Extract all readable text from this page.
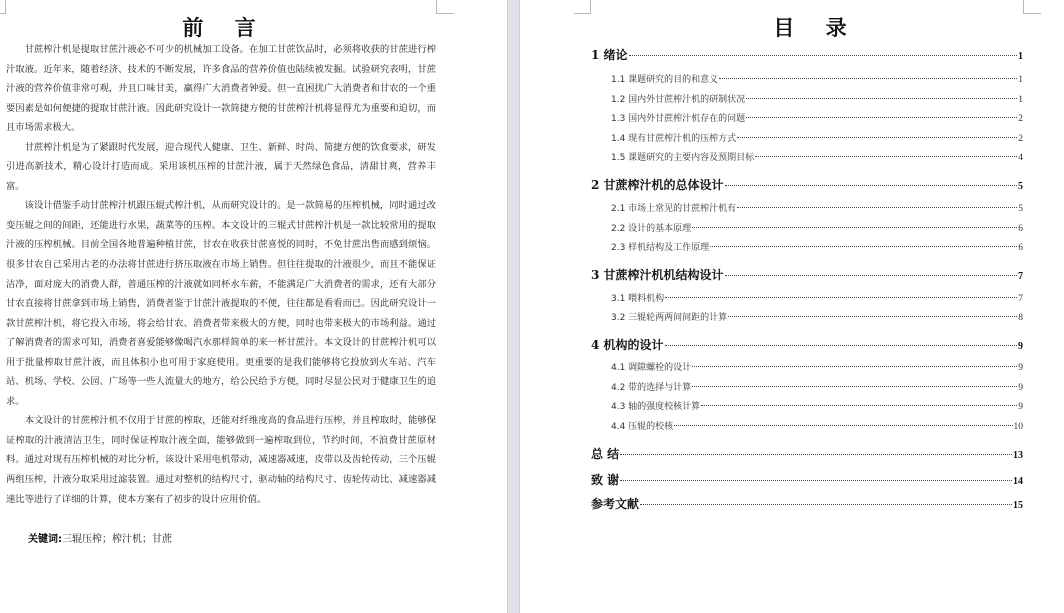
前 言

甘蔗榨汁机是提取甘蔗汁液必不可少的机械加工设备。在加工甘蔗饮品时，必须将收获的甘蔗进行榨汁取液。近年来，随着经济、技术的不断发展，许多食品的营养价值也陆续被发掘。试验研究表明，甘蔗汁液的营养价值非常可观，并且口味甘美，赢得广大消费者钟爱。但一直困扰广大消费者和甘农的一个重要因素是如何便捷的提取甘蔗汁液。因此研究设计一款简捷方便的甘蔗榨汁机将显得尤为重要和迫切，而且市场需求极大。

甘蔗榨汁机是为了紧跟时代发展，迎合现代人健康、卫生、新鲜、时尚、简捷方便的饮食要求，研发引进高新技术，精心设计打造而成。采用该机压榨的甘蔗汁液，属于天然绿色食品，清甜甘爽，营养丰富。

该设计借鉴手动甘蔗榨汁机跟压辊式榨汁机，从而研究设计的。是一款简易的压榨机械，同时通过改变压辊之间的间距，还能进行水果，蔬菜等的压榨。本文设计的三辊式甘蔗榨汁机是一款比较常用的提取汁液的压榨机械。目前全国各地普遍种植甘蔗，甘农在收获甘蔗喜悦的同时，不免甘蔗出售而感到烦恼。很多甘农自己采用古老的办法将甘蔗进行挤压取液在市场上销售。但往往提取的汁液很少，而且不能保证洁净，面对庞大的消费人群，普通压榨的汁液就如同杯水车薪，不能满足广大消费者的需求，还有大部分甘农直接将甘蔗拿到市场上销售，消费者鉴于甘蔗汁液提取的不便，往往都是看看而已。因此研究设计一款甘蔗榨汁机，将它投入市场，将会给甘农、消费者带来极大的方便，同时也带来极大的市场利益。通过了解消费者的需求可知，消费者喜爱能够像喝汽水那样简单的来一杯甘蔗汁。本文设计的甘蔗榨汁机可以用于批量榨取甘蔗汁液，而且体积小也可用于家庭使用。更重要的是我们能够将它投放到火车站、汽车站、机场、学校、公园、广场等一些人流量大的地方，给公民给予方便，同时尽显公民对于健康卫生的追求。

本文设计的甘蔗榨汁机不仅用于甘蔗的榨取，还能对纤维度高的食品进行压榨，并且榨取时，能够保证榨取的汁液清洁卫生，同时保证榨取汁液全面，能够做到一遍榨取到位，节约时间，不浪费甘蔗原材料。通过对现有压榨机械的对比分析，该设计采用电机带动，减速器减速，皮带以及齿轮传动，三个压辊两组压榨，汁液分取采用过滤装置。通过对整机的结构尺寸，驱动轴的结构尺寸、齿轮传动比、减速器减速比等进行了详细的计算，使本方案有了初步的设计应用价值。

关键词:三辊压榨；榨汁机；甘蔗
目 录
1 绪论	1
1.1 课题研究的目的和意义	1
1.2 国内外甘蔗榨汁机的研制状况	1
1.3 国内外甘蔗榨汁机存在的问题	2
1.4 现有甘蔗榨汁机的压榨方式	2
1.5 课题研究的主要内容及预期目标	4
2 甘蔗榨汁机的总体设计	5
2.1 市场上常见的甘蔗榨汁机有	5
2.2 设计的基本原理	6
2.3 样机结构及工作原理	6
3 甘蔗榨汁机机结构设计	7
3.1 喂料机构	7
3.2 三辊轮两两间间距的计算	8
4 机构的设计	9
4.1 调隙螺栓的设计	9
4.2 带的选择与计算	9
4.3 轴的强度校核计算	9
4.4 压辊的校核	10
总 结	13
致 谢	14
参考文献	15
